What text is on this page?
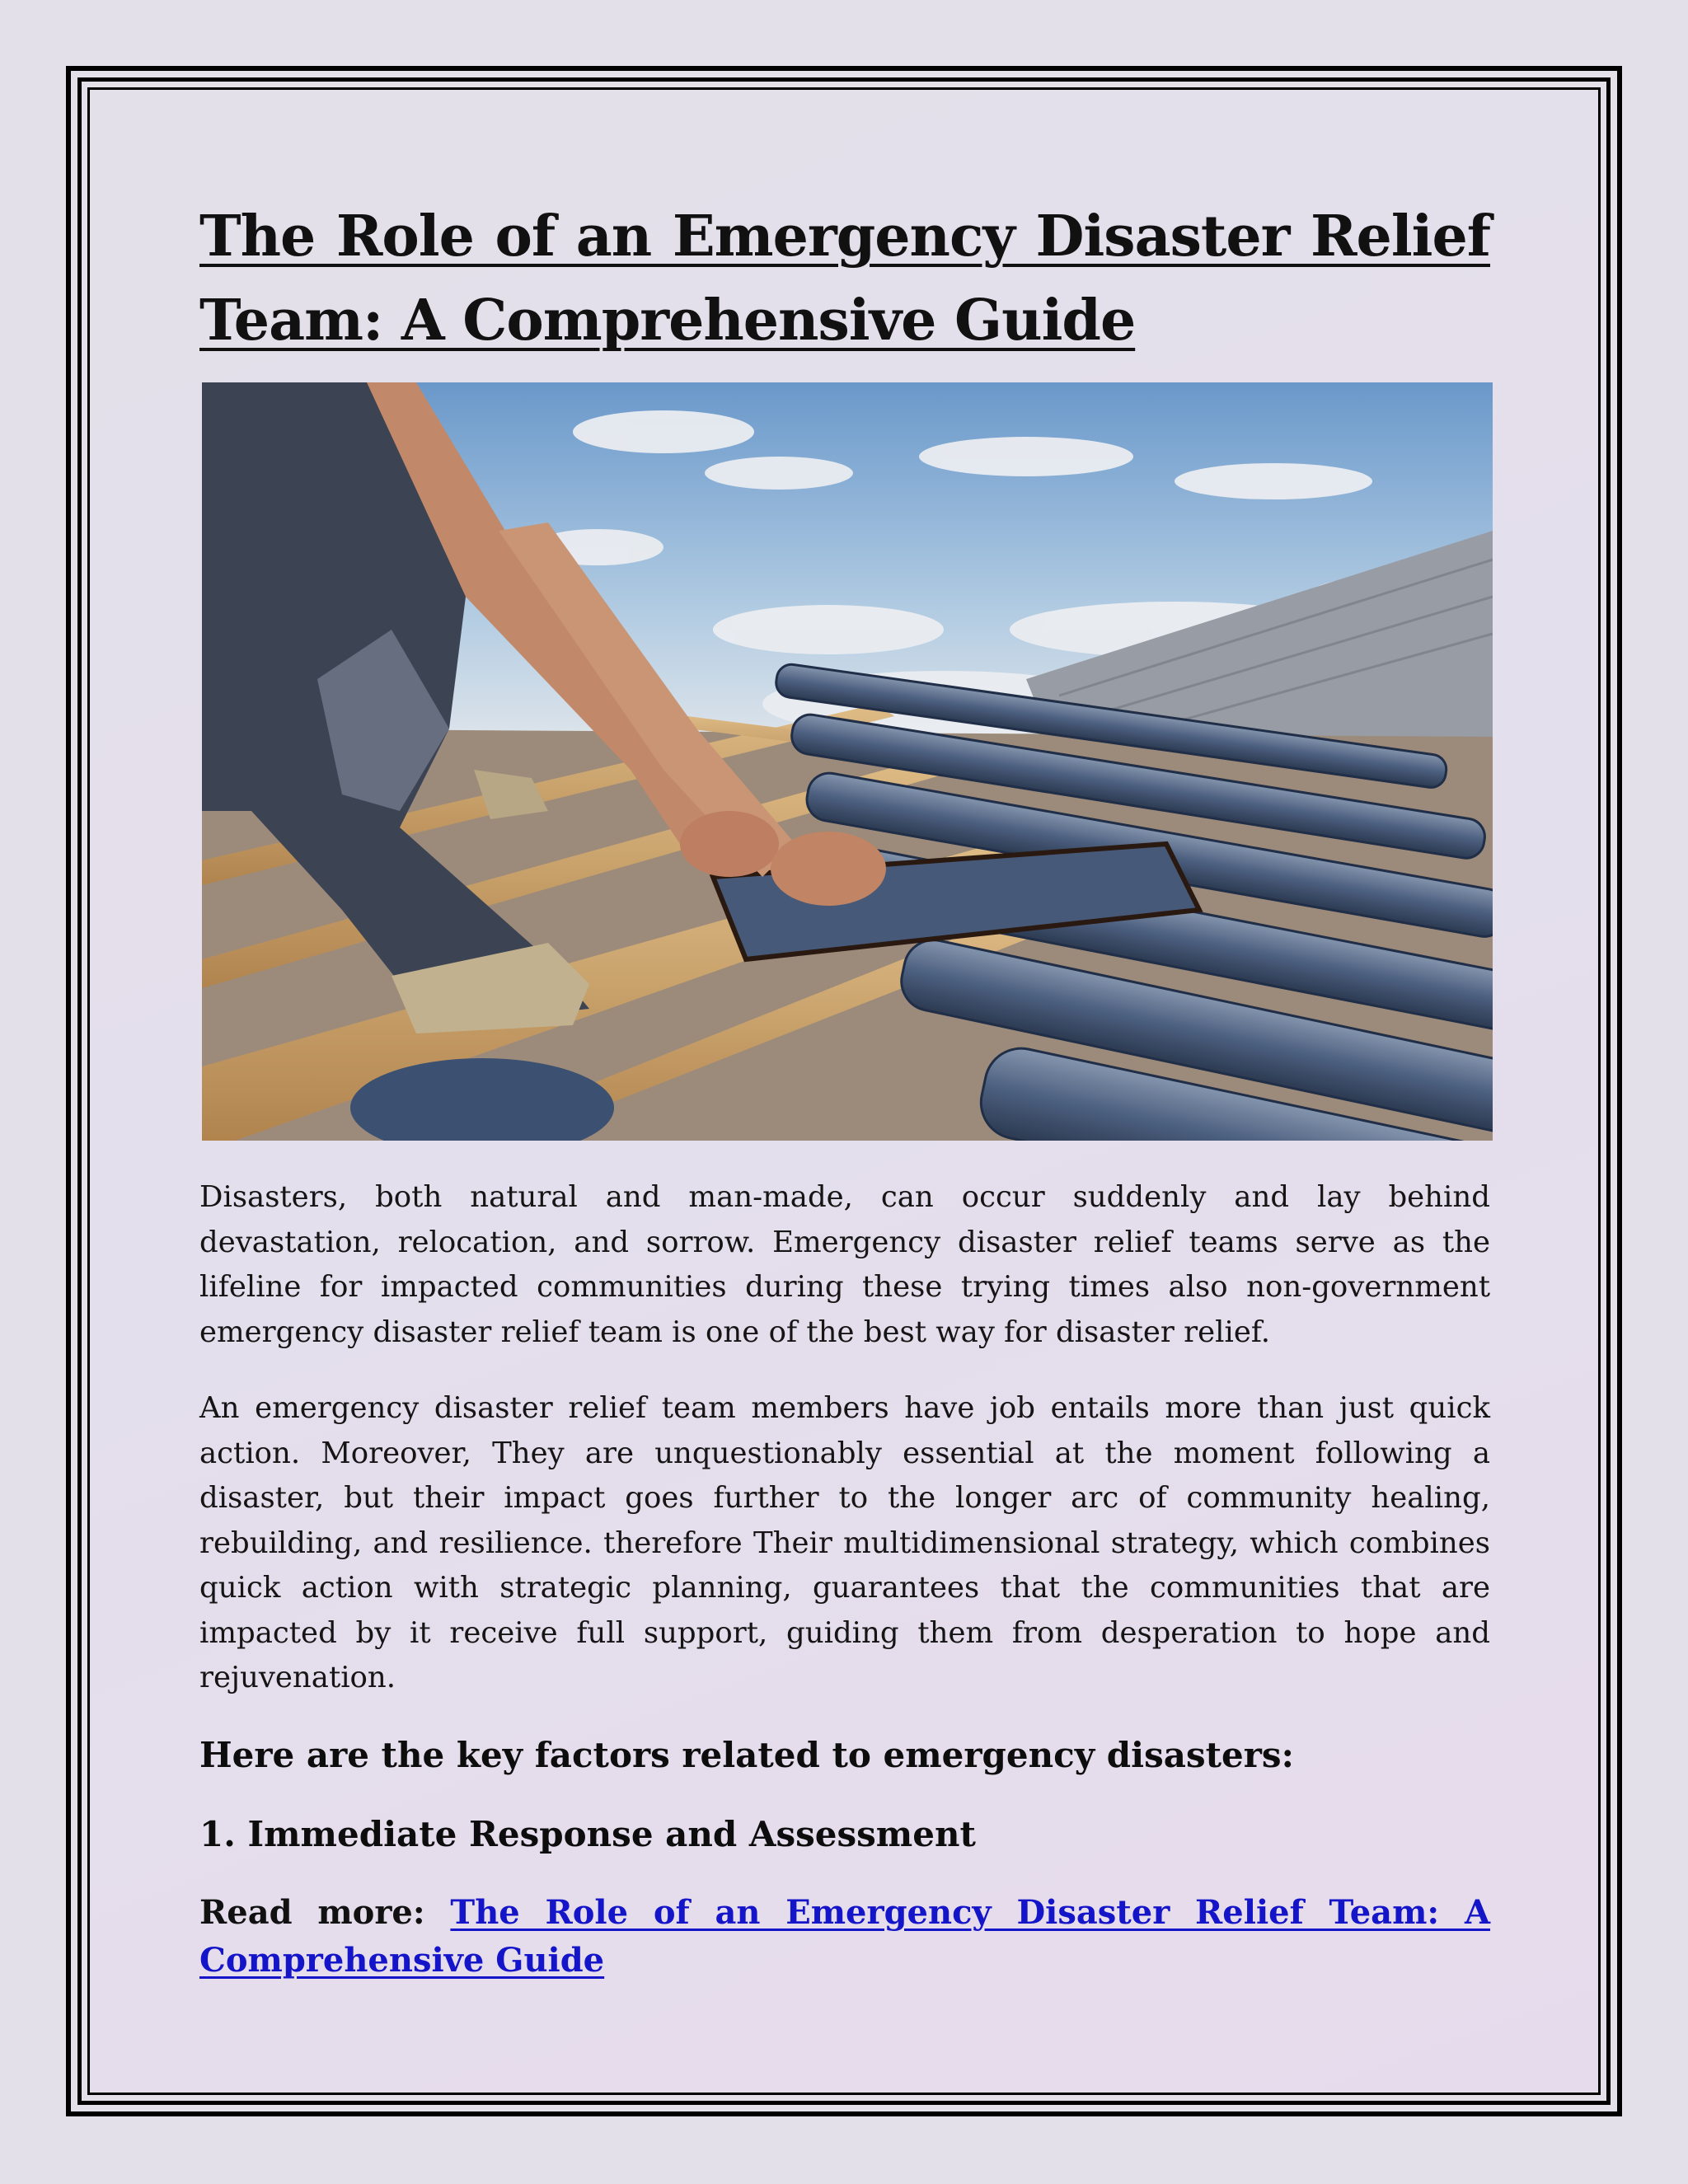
The Role of an Emergency Disaster Relief Team: A Comprehensive Guide

Disasters, both natural and man-made, can occur suddenly and lay behind devastation, relocation, and sorrow. Emergency disaster relief teams serve as the lifeline for impacted communities during these trying times also non-government emergency disaster relief team is one of the best way for disaster relief.

An emergency disaster relief team members have job entails more than just quick action. Moreover, They are unquestionably essential at the moment following a disaster, but their impact goes further to the longer arc of community healing, rebuilding, and resilience. therefore Their multidimensional strategy, which combines quick action with strategic planning, guarantees that the communities that are impacted by it receive full support, guiding them from desperation to hope and rejuvenation.

Here are the key factors related to emergency disasters:
1. Immediate Response and Assessment

Read more: The Role of an Emergency Disaster Relief Team: A Comprehensive Guide
